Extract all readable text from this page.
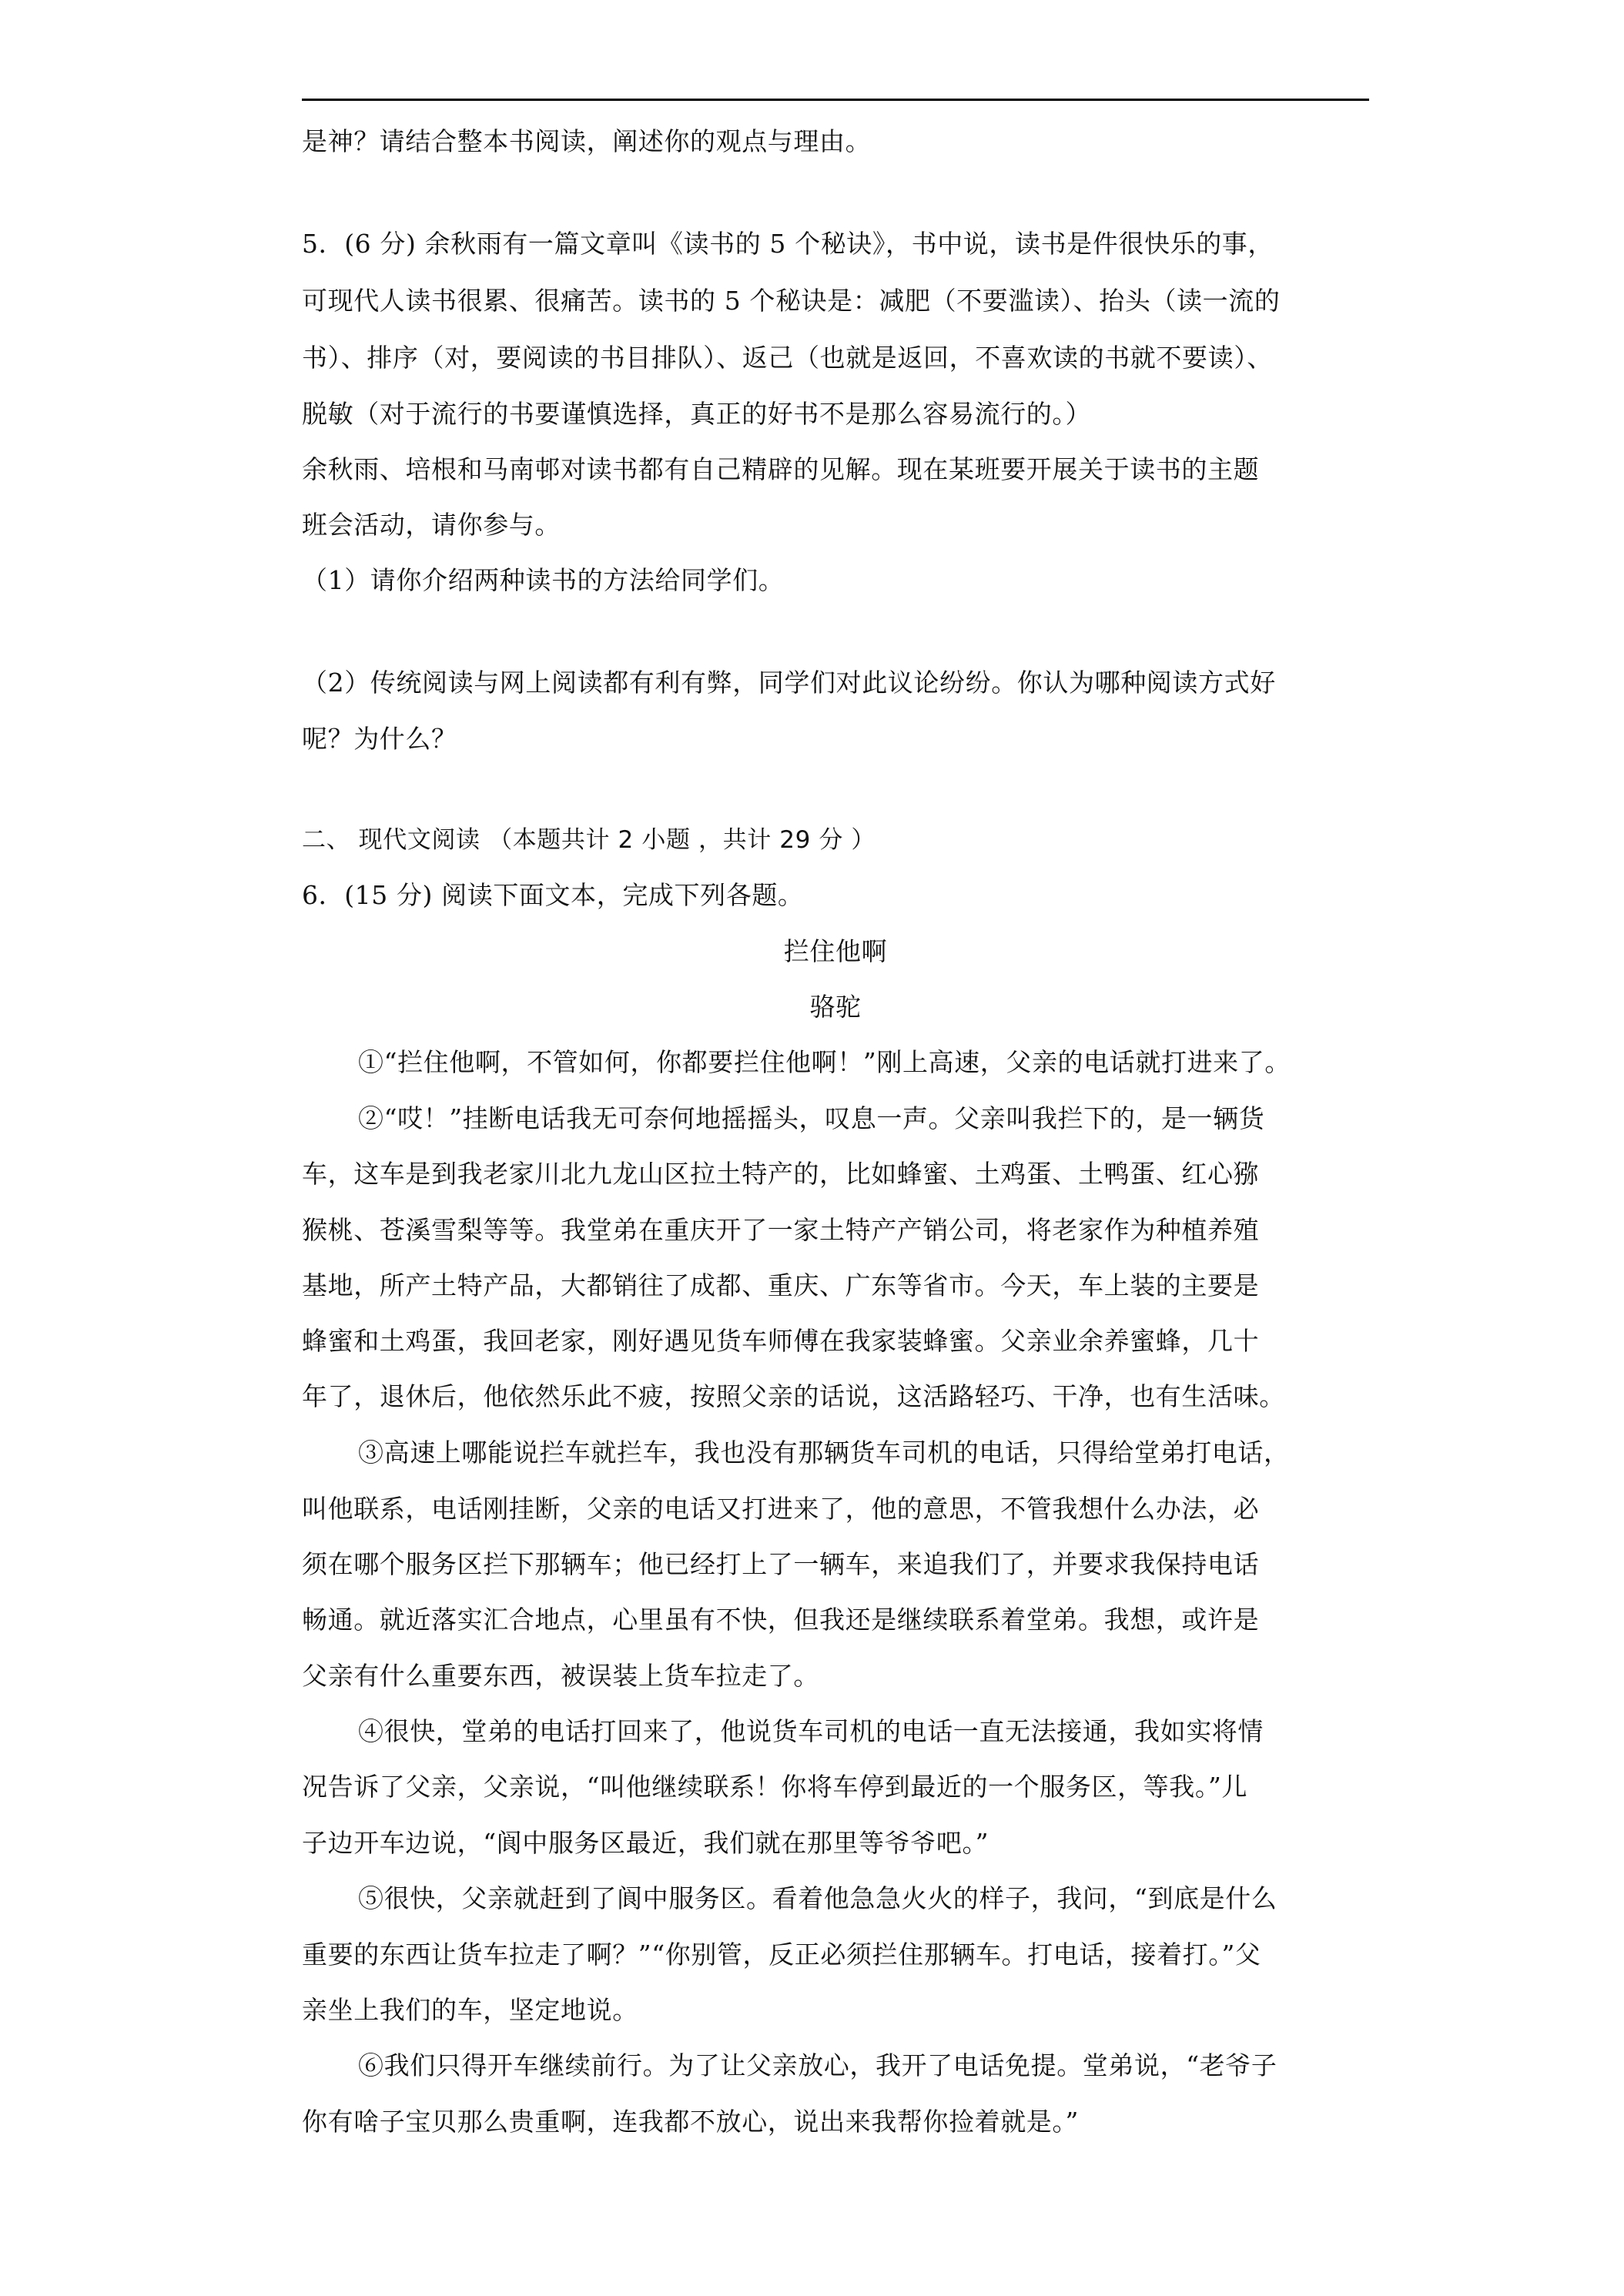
是神？请结合整本书阅读，阐述你的观点与理由。
5．(6 分) 余秋雨有一篇文章叫《读书的 5 个秘诀》，书中说，读书是件很快乐的事，
可现代人读书很累、很痛苦。读书的 5 个秘诀是：减肥（不要滥读）、抬头（读一流的
书）、排序（对，要阅读的书目排队）、返己（也就是返回，不喜欢读的书就不要读）、
脱敏（对于流行的书要谨慎选择，真正的好书不是那么容易流行的。）
余秋雨、培根和马南邨对读书都有自己精辟的见解。现在某班要开展关于读书的主题
班会活动，请你参与。
（1）请你介绍两种读书的方法给同学们。
（2）传统阅读与网上阅读都有利有弊，同学们对此议论纷纷。你认为哪种阅读方式好
呢？为什么？
二、 现代文阅读 （本题共计 2 小题 ，共计 29 分 ）
6．(15 分) 阅读下面文本，完成下列各题。
拦住他啊
骆驼
①“拦住他啊，不管如何，你都要拦住他啊！”刚上高速，父亲的电话就打进来了。
②“哎！”挂断电话我无可奈何地摇摇头，叹息一声。父亲叫我拦下的，是一辆货
车，这车是到我老家川北九龙山区拉土特产的，比如蜂蜜、土鸡蛋、土鸭蛋、红心猕
猴桃、苍溪雪梨等等。我堂弟在重庆开了一家土特产产销公司，将老家作为种植养殖
基地，所产土特产品，大都销往了成都、重庆、广东等省市。今天，车上装的主要是
蜂蜜和土鸡蛋，我回老家，刚好遇见货车师傅在我家装蜂蜜。父亲业余养蜜蜂，几十
年了，退休后，他依然乐此不疲，按照父亲的话说，这活路轻巧、干净，也有生活味。
③高速上哪能说拦车就拦车，我也没有那辆货车司机的电话，只得给堂弟打电话，
叫他联系，电话刚挂断，父亲的电话又打进来了，他的意思，不管我想什么办法，必
须在哪个服务区拦下那辆车；他已经打上了一辆车，来追我们了，并要求我保持电话
畅通。就近落实汇合地点，心里虽有不快，但我还是继续联系着堂弟。我想，或许是
父亲有什么重要东西，被误装上货车拉走了。
④很快，堂弟的电话打回来了，他说货车司机的电话一直无法接通，我如实将情
况告诉了父亲，父亲说，“叫他继续联系！你将车停到最近的一个服务区，等我。”儿
子边开车边说，“阆中服务区最近，我们就在那里等爷爷吧。”
⑤很快，父亲就赶到了阆中服务区。看着他急急火火的样子，我问，“到底是什么
重要的东西让货车拉走了啊？”“你别管，反正必须拦住那辆车。打电话，接着打。”父
亲坐上我们的车，坚定地说。
⑥我们只得开车继续前行。为了让父亲放心，我开了电话免提。堂弟说，“老爷子
你有啥子宝贝那么贵重啊，连我都不放心，说出来我帮你捡着就是。”
